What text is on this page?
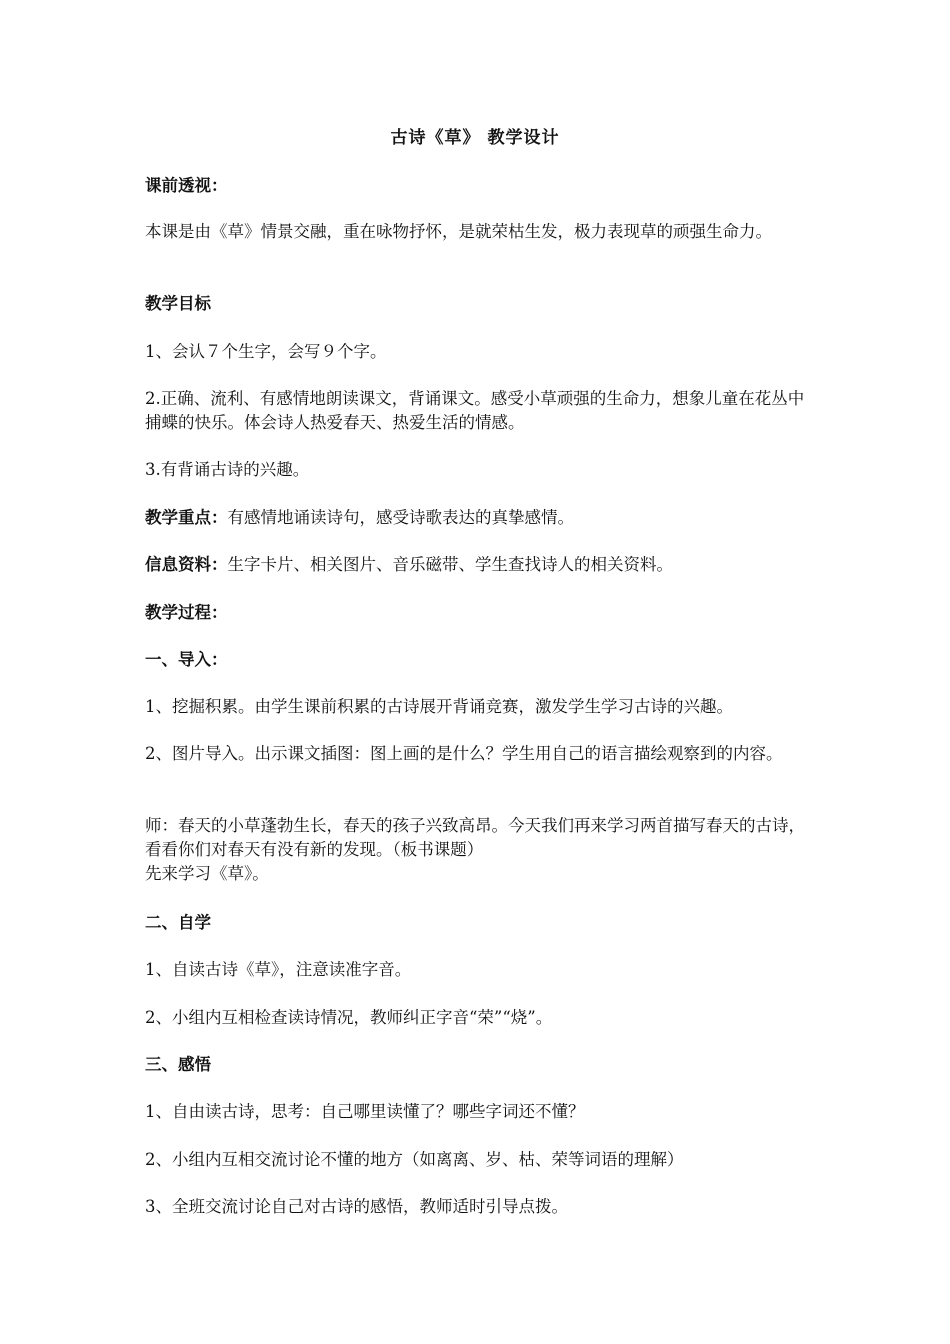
古诗《草》 教学设计
课前透视：
本课是由《草》情景交融，重在咏物抒怀，是就荣枯生发，极力表现草的顽强生命力。
教学目标
1、会认７个生字，会写９个字。
2.正确、流利、有感情地朗读课文，背诵课文。感受小草顽强的生命力，想象儿童在花丛中捕蝶的快乐。体会诗人热爱春天、热爱生活的情感。
3.有背诵古诗的兴趣。
教学重点：有感情地诵读诗句，感受诗歌表达的真挚感情。
信息资料：生字卡片、相关图片、音乐磁带、学生查找诗人的相关资料。
教学过程：
一、导入：
1、挖掘积累。由学生课前积累的古诗展开背诵竞赛，激发学生学习古诗的兴趣。
2、图片导入。出示课文插图：图上画的是什么？学生用自己的语言描绘观察到的内容。
师：春天的小草蓬勃生长，春天的孩子兴致高昂。今天我们再来学习两首描写春天的古诗，看看你们对春天有没有新的发现。（板书课题）
先来学习《草》。
二、自学
1、自读古诗《草》，注意读准字音。
2、小组内互相检查读诗情况，教师纠正字音“荣”“烧”。
三、感悟
1、自由读古诗，思考：自己哪里读懂了？哪些字词还不懂？
2、小组内互相交流讨论不懂的地方（如离离、岁、枯、荣等词语的理解）
3、全班交流讨论自己对古诗的感悟，教师适时引导点拨。
